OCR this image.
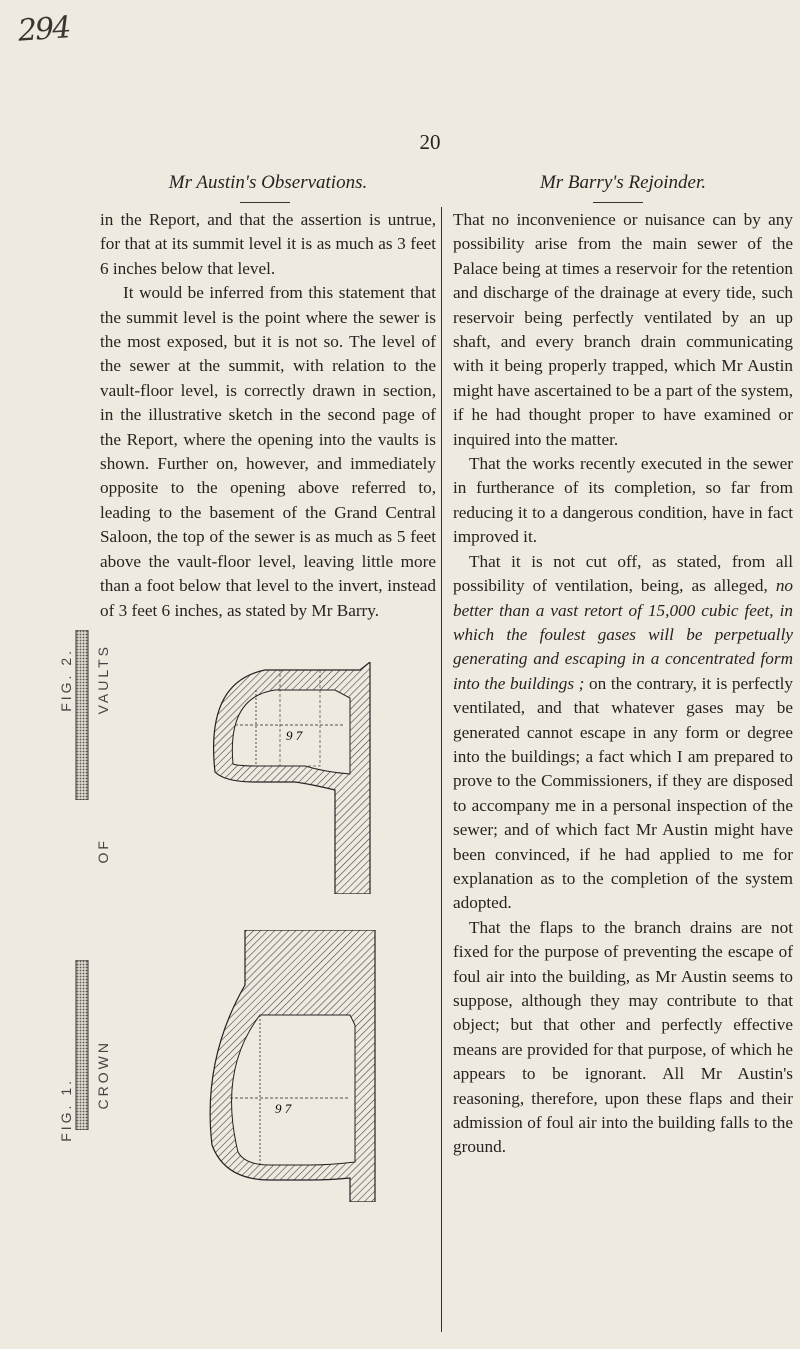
294
20
Mr Austin's Observations.	Mr Barry's Rejoinder.

in the Report, and that the assertion is untrue, for that at its summit level it is as much as 3 feet 6 inches below that level.

It would be inferred from this statement that the summit level is the point where the sewer is the most exposed, but it is not so. The level of the sewer at the summit, with relation to the vault-floor level, is correctly drawn in section, in the illustrative sketch in the second page of the Report, where the opening into the vaults is shown. Further on, however, and immediately opposite to the opening above referred to, leading to the basement of the Grand Central Saloon, the top of the sewer is as much as 5 feet above the vault-floor level, leaving little more than a foot below that level to the invert, instead of 3 feet 6 inches, as stated by Mr Barry.

That no inconvenience or nuisance can by any possibility arise from the main sewer of the Palace being at times a reservoir for the retention and discharge of the drainage at every tide, such reservoir being perfectly ventilated by an up shaft, and every branch drain communicating with it being properly trapped, which Mr Austin might have ascertained to be a part of the system, if he had thought proper to have examined or inquired into the matter.

That the works recently executed in the sewer in furtherance of its completion, so far from reducing it to a dangerous condition, have in fact improved it.

That it is not cut off, as stated, from all possibility of ventilation, being, as alleged, no better than a vast retort of 15,000 cubic feet, in which the foulest gases will be perpetually generating and escaping in a concentrated form into the buildings ; on the contrary, it is perfectly ventilated, and that whatever gases may be generated cannot escape in any form or degree into the buildings; a fact which I am prepared to prove to the Commissioners, if they are disposed to accompany me in a personal inspection of the sewer; and of which fact Mr Austin might have been convinced, if he had applied to me for explanation as to the completion of the system adopted.

That the flaps to the branch drains are not fixed for the purpose of preventing the escape of foul air into the building, as Mr Austin seems to suppose, although they may contribute to that object; but that other and perfectly effective means are provided for that purpose, of which he appears to be ignorant. All Mr Austin's reasoning, therefore, upon these flaps and their admission of foul air into the building falls to the ground.

FIG. 2.
FIG. 1.
VAULTS
OF
CROWN
9 7
9 7
